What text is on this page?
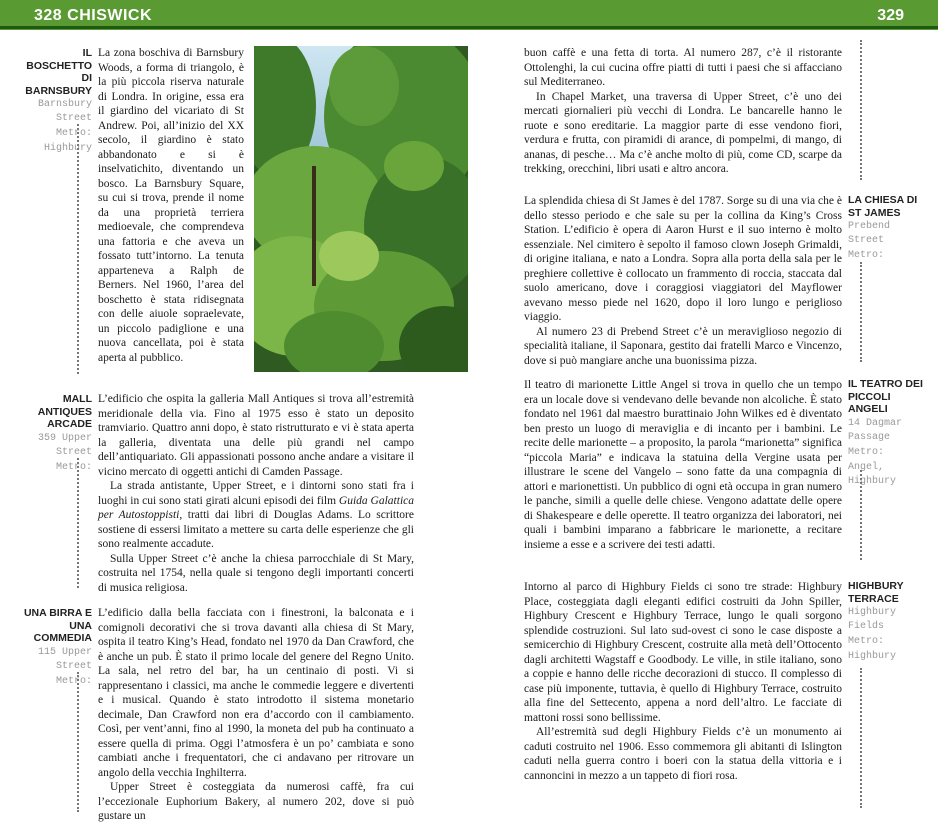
328 CHISWICK	329
IL BOSCHETTO DI BARNSBURY
Barnsbury Street
Metro:
Highbury

La zona boschiva di Barnsbury Woods, a forma di triangolo, è la più piccola riserva naturale di Londra. In origine, essa era il giardino del vicariato di St Andrew. Poi, all’inizio del XX secolo, il giardino è stato abbandonato e si è inselvatichito, diventando un bosco. La Barnsbury Square, su cui si trova, prende il nome da una proprietà terriera medioevale, che comprendeva una fattoria e che aveva un fossato tutt’intorno. La tenuta apparteneva a Ralph de Berners. Nel 1960, l’area del boschetto è stata ridisegnata con delle aiuole sopraelevate, un piccolo padiglione e una nuova cancellata, poi è stata aperta al pubblico.

MALL ANTIQUES ARCADE
359 Upper Street
Metro:

L’edificio che ospita la galleria Mall Antiques si trova all’estremità meridionale della via. Fino al 1975 esso è stato un deposito tramviario. Quattro anni dopo, è stato ristrutturato e vi è stata aperta la galleria, diventata una delle più grandi nel campo dell’antiquariato. Gli appassionati possono anche andare a visitare il vicino mercato di oggetti antichi di Camden Passage.

La strada antistante, Upper Street, e i dintorni sono stati fra i luoghi in cui sono stati girati alcuni episodi dei film Guida Galattica per Autostoppisti, tratti dai libri di Douglas Adams. Lo scrittore sostiene di essersi limitato a mettere su carta delle esperienze che gli sono realmente accadute.

Sulla Upper Street c’è anche la chiesa parrocchiale di St Mary, costruita nel 1754, nella quale si tengono degli importanti concerti di musica religiosa.

UNA BIRRA E UNA COMMEDIA
115 Upper Street
Metro:

L’edificio dalla bella facciata con i finestroni, la balconata e i comignoli decorativi che si trova davanti alla chiesa di St Mary, ospita il teatro King’s Head, fondato nel 1970 da Dan Crawford, che è anche un pub. È stato il primo locale del genere del Regno Unito. La sala, nel retro del bar, ha un centinaio di posti. Vi si rappresentano i classici, ma anche le commedie leggere e divertenti e i musical. Quando è stato introdotto il sistema monetario decimale, Dan Crawford non era d’accordo con il cambiamento. Così, per vent’anni, fino al 1990, la moneta del pub ha continuato a essere quella di prima. Oggi l’atmosfera è un po’ cambiata e sono cambiati anche i frequentatori, che ci andavano per ritrovare un angolo della vecchia Inghilterra.

Upper Street è costeggiata da numerosi caffè, fra cui l’eccezionale Euphorium Bakery, al numero 202, dove si può gustare un

buon caffè e una fetta di torta. Al numero 287, c’è il ristorante Ottolenghi, la cui cucina offre piatti di tutti i paesi che si affacciano sul Mediterraneo.

In Chapel Market, una traversa di Upper Street, c’è uno dei mercati giornalieri più vecchi di Londra. Le bancarelle hanno le ruote e sono ereditarie. La maggior parte di esse vendono fiori, verdura e frutta, con piramidi di arance, di pompelmi, di mango, di ananas, di pesche… Ma c’è anche molto di più, come CD, scarpe da trekking, orecchini, libri usati e altro ancora.

La splendida chiesa di St James è del 1787. Sorge su di una via che è dello stesso periodo e che sale su per la collina da King’s Cross Station. L’edificio è opera di Aaron Hurst e il suo interno è molto essenziale. Nel cimitero è sepolto il famoso clown Joseph Grimaldi, di origine italiana, e nato a Londra. Sopra alla porta della sala per le preghiere collettive è collocato un frammento di roccia, staccata dal suolo americano, dove i coraggiosi viaggiatori del Mayflower avevano messo piede nel 1620, dopo il loro lungo e periglioso viaggio.

Al numero 23 di Prebend Street c’è un meraviglioso negozio di specialità italiane, il Saponara, gestito dai fratelli Marco e Vincenzo, dove si può mangiare anche una buonissima pizza.

LA CHIESA DI ST JAMES
Prebend Street
Metro:

Il teatro di marionette Little Angel si trova in quello che un tempo era un locale dove si vendevano delle bevande non alcoliche. È stato fondato nel 1961 dal maestro burattinaio John Wilkes ed è diventato ben presto un luogo di meraviglia e di incanto per i bambini. Le recite delle marionette – a proposito, la parola “marionetta” significa “piccola Maria” e indicava la statuina della Vergine usata per illustrare le scene del Vangelo – sono fatte da una compagnia di attori e marionettisti. Un pubblico di ogni età occupa in gran numero le panche, simili a quelle delle chiese. Vengono adattate delle opere di Shakespeare e delle operette. Il teatro organizza dei laboratori, nei quali i bambini imparano a fabbricare le marionette, a recitare insieme a esse e a scrivere dei testi adatti.

IL TEATRO DEI PICCOLI ANGELI
14 Dagmar Passage
Metro:
Angel, Highbury

Intorno al parco di Highbury Fields ci sono tre strade: Highbury Place, costeggiata dagli eleganti edifici costruiti da John Spiller, Highbury Crescent e Highbury Terrace, lungo le quali sorgono splendide costruzioni. Sul lato sud-ovest ci sono le case disposte a semicerchio di Highbury Crescent, costruite alla metà dell’Ottocento dagli architetti Wagstaff e Goodbody. Le ville, in stile italiano, sono a coppie e hanno delle ricche decorazioni di stucco. Il complesso di case più imponente, tuttavia, è quello di Highbury Terrace, costruito alla fine del Settecento, appena a nord dell’altro. Le facciate di mattoni rossi sono bellissime.

All’estremità sud degli Highbury Fields c’è un monumento ai caduti costruito nel 1906. Esso commemora gli abitanti di Islington caduti nella guerra contro i boeri con la statua della vittoria e i cannoncini in mezzo a un tappeto di fiori rosa.

HIGHBURY TERRACE
Highbury Fields
Metro:
Highbury
